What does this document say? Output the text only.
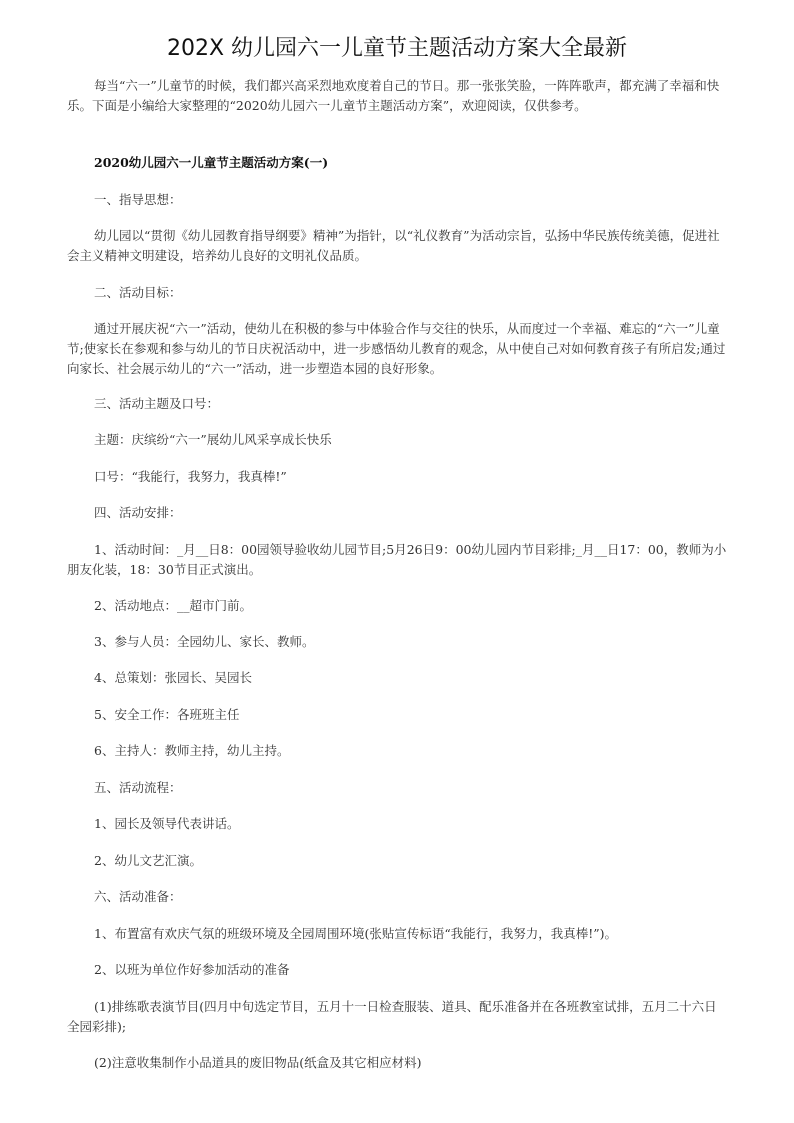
202X 幼儿园六一儿童节主题活动方案大全最新
每当“六一”儿童节的时候，我们都兴高采烈地欢度着自己的节日。那一张张笑脸，一阵阵歌声，都充满了幸福和快乐。下面是小编给大家整理的“2020幼儿园六一儿童节主题活动方案”，欢迎阅读，仅供参考。
2020幼儿园六一儿童节主题活动方案(一)
一、指导思想：
幼儿园以“贯彻《幼儿园教育指导纲要》精神”为指针，以“礼仪教育”为活动宗旨，弘扬中华民族传统美德，促进社会主义精神文明建设，培养幼儿良好的文明礼仪品质。
二、活动目标：
通过开展庆祝“六一”活动，使幼儿在积极的参与中体验合作与交往的快乐，从而度过一个幸福、难忘的“六一”儿童节;使家长在参观和参与幼儿的节日庆祝活动中，进一步感悟幼儿教育的观念，从中使自己对如何教育孩子有所启发;通过向家长、社会展示幼儿的“六一”活动，进一步塑造本园的良好形象。
三、活动主题及口号：
主题：庆缤纷“六一”展幼儿风采享成长快乐
口号：“我能行，我努力，我真棒!”
四、活动安排：
1、活动时间：_月__日8：00园领导验收幼儿园节目;5月26日9：00幼儿园内节目彩排;_月__日17：00，教师为小朋友化装，18：30节目正式演出。
2、活动地点：__超市门前。
3、参与人员：全园幼儿、家长、教师。
4、总策划：张园长、吴园长
5、安全工作：各班班主任
6、主持人：教师主持，幼儿主持。
五、活动流程：
1、园长及领导代表讲话。
2、幼儿文艺汇演。
六、活动准备：
1、布置富有欢庆气氛的班级环境及全园周围环境(张贴宣传标语“我能行，我努力，我真棒!”)。
2、以班为单位作好参加活动的准备
(1)排练歌表演节目(四月中旬选定节目，五月十一日检查服装、道具、配乐准备并在各班教室试排，五月二十六日全园彩排);
(2)注意收集制作小品道具的废旧物品(纸盒及其它相应材料)
